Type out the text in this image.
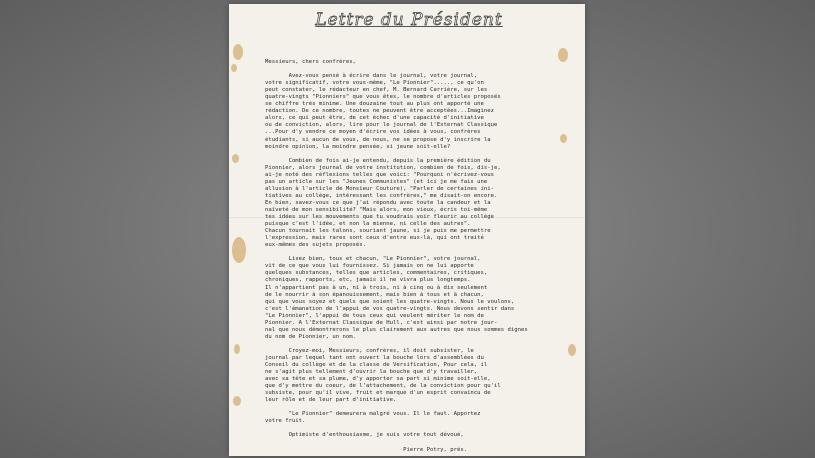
Lettre du Président
Messieurs, chers confrères,
Avez-vous pensé à écrire dans le journal, votre journal,
votre significatif, votre vous-même, "Le Pionnier"....., ce qu'on
peut constater, le rédacteur en chef, M. Bernard Carrière, sur les
quatre-vingts "Pionniers" que vous êtes, le nombre d'articles proposés
se chiffre très minime. Une douzaine tout au plus ont apporté une
rédaction. De ce nombre, toutes ne peuvent être acceptées...Imaginez
alors, ce qui peut être, de cet échec d'une capacité d'initiative
ou de conviction, alors, lire pour le journal de l'Externat Classique
...Pour d'y vendre ce moyen d'écrire vos idées à vous, confrères
étudiants, si aucun de vous, de nous, ne se propose d'y inscrire la
moindre opinion, la moindre pensée, si jeune soit-elle?
Combien de fois ai-je entendu, depuis la première édition du
Pionnier, alors journal de votre institution, combien de fois, dis-je,
ai-je noté des réflexions telles que voici: "Pourquoi n'écrivez-vous
pas un article sur les "Jeunes Communistes" (et ici je me fais une
allusion à l'article de Monsieur Couture), "Parler de certaines ini-
tiatives au collège, intéressant les confrères," me disait-on encore.
En bien, savez-vous ce que j'ai répondu avec toute la candeur et la
naïveté de mon sensibilité? "Mais alors, mon vieux, écris toi-même
tes idées sur les mouvements que tu voudrais voir fleurir au collège
puisque c'est l'idée, et non la mienne, ni celle des autres".
Chacun tournait les talons, souriant jaune, si je puis me permettre
l'expression, mais rares sont ceux d'entre eux-là, qui ont traité
eux-mêmes des sujets proposés.
Lisez bien, tous et chacun, "Le Pionnier", votre journal,
vit de ce que vous lui fournissez. Si jamais on ne lui apporte
quelques substances, telles que articles, commentaires, critiques,
chroniques, rapports, etc, jamais il ne vivra plus longtemps.
Il n'appartient pas à un, ni à trois, ni à cinq ou à dix seulement
de le nourrir à son épanouissement, mais bien à tous et à chacun,
qui que vous soyez et quels que soient les quatre-vingts. Nous le voulons,
c'est l'émanation de l'appui de vos quatre-vingts. Nous devons sentir dans
"Le Pionnier", l'appui de tous ceux qui veulent mériter le nom de
Pionnier. A l'Externat Classique de Hull, c'est ainsi par notre jour-
nal que nous démontrerons le plus clairement aux autres que nous sommes dignes
du nom de Pionnier, un nom.
Croyez-moi, Messieurs, confrères, il doit subsister, le
journal par lequel tant ont ouvert la bouche lors d'assemblées du
Conseil du collège et de la classe de Versification, Pour cela, il
ne s'agit plus tellement d'ouvrir la bouche que d'y travailler,
avec sa tête et sa plume, d'y apporter sa part si minime soit-elle,
que d'y mettre du coeur, de l'attachement, de la conviction pour qu'il
subsiste, pour qu'il vive, fruit et marque d'un esprit convaincu de
leur rôle et de leur part d'initiative.
"Le Pionnier" demeurera malgré vous. Il le faut. Apportez
votre fruit.
Optimiste d'enthousiasme, je suis votre tout dévoué,
Pierre Potry, prés.
